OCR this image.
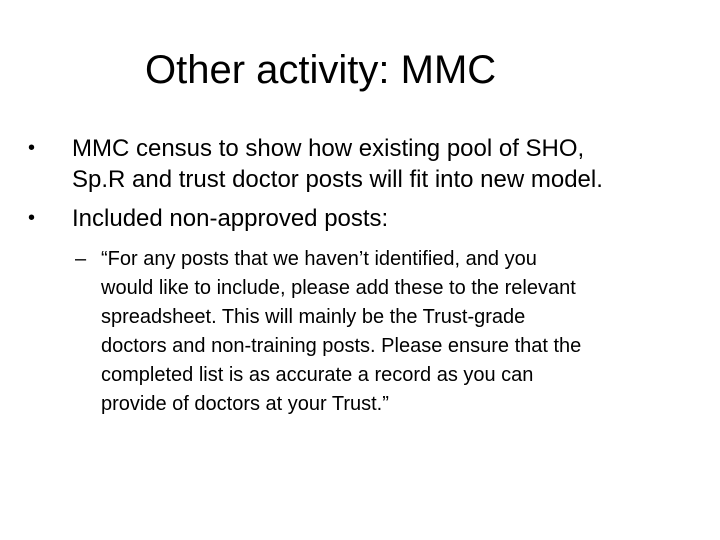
Other activity: MMC
•	MMC census to show how existing pool of SHO,
Sp.R and trust doctor posts will fit into new model.
•	Included non-approved posts:
– “For any posts that we haven’t identified, and you
would like to include, please add these to the relevant
spreadsheet. This will mainly be the Trust-grade
doctors and non-training posts. Please ensure that the
completed list is as accurate a record as you can
provide of doctors at your Trust.”
